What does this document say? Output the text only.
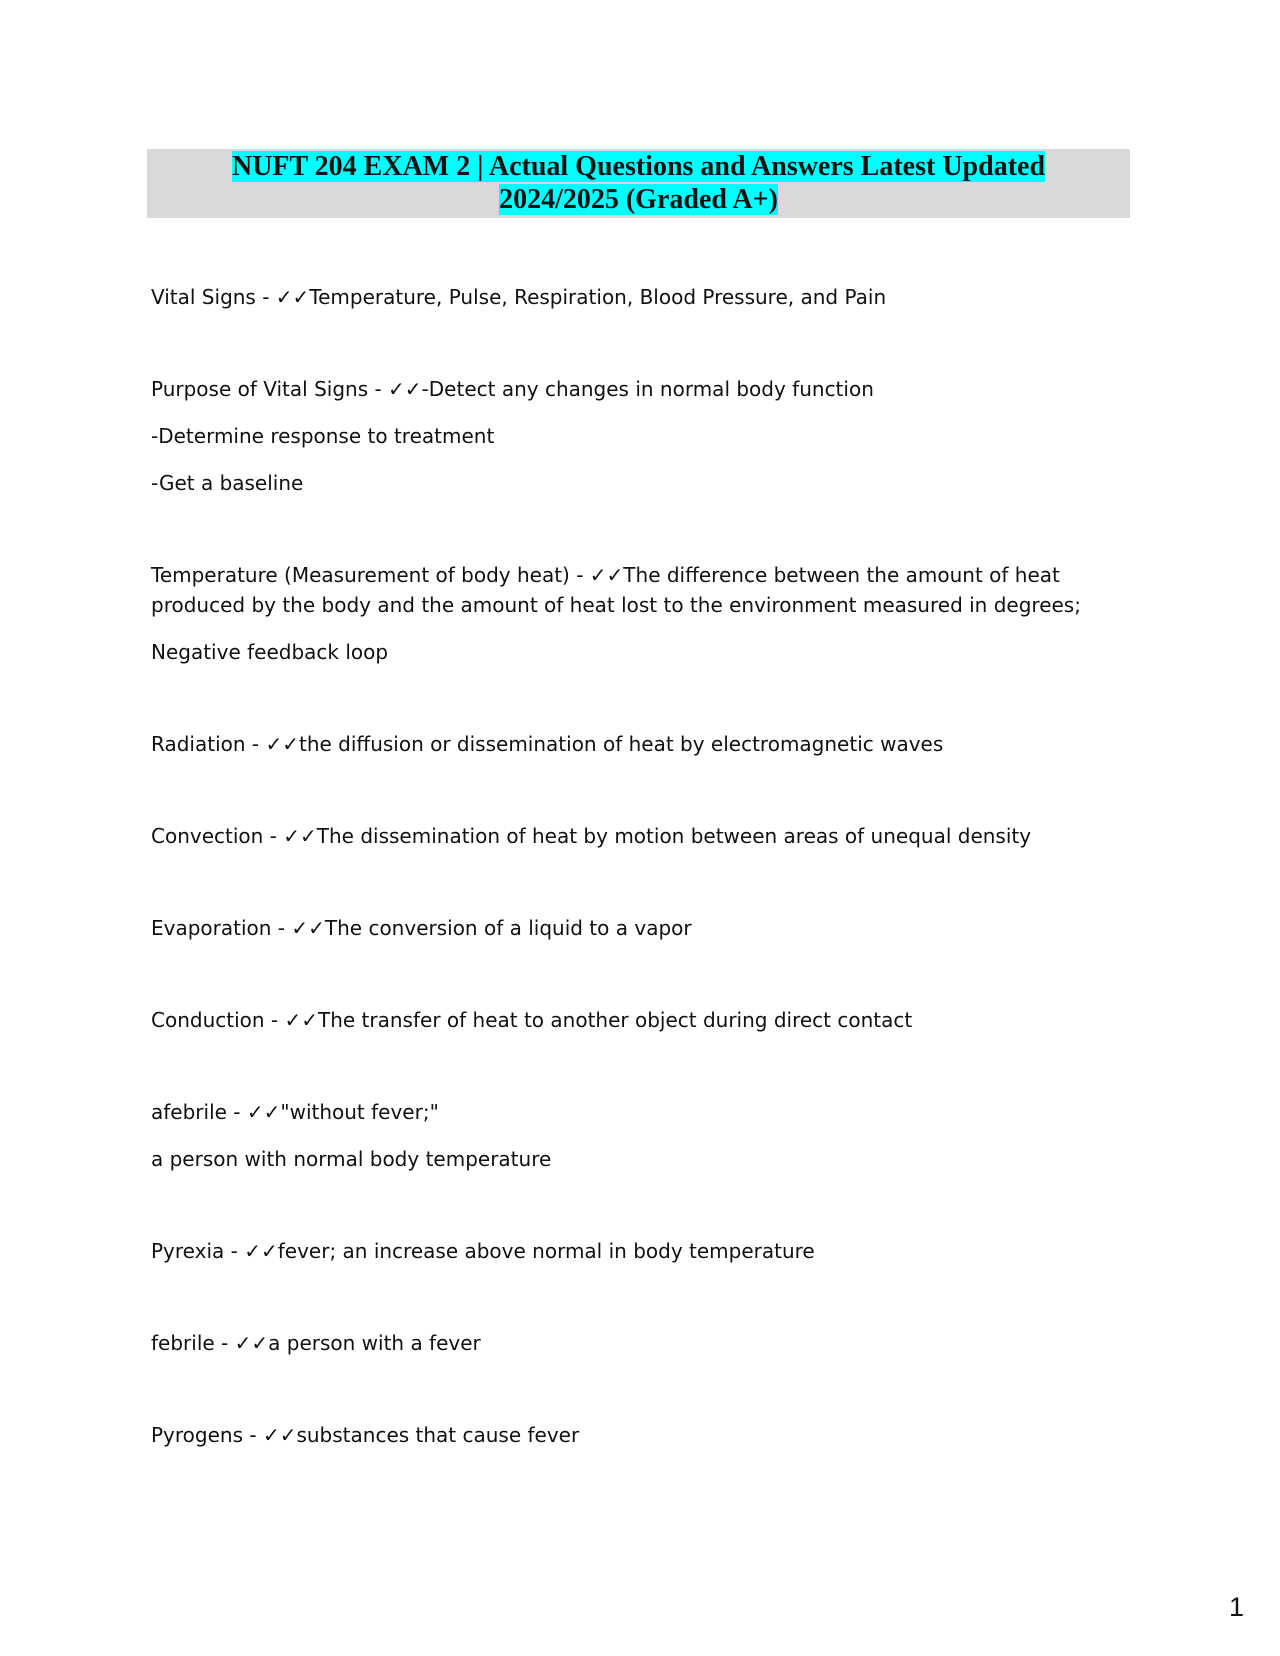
NUFT 204 EXAM 2 | Actual Questions and Answers Latest Updated
2024/2025 (Graded A+)

Vital Signs - ✓✓Temperature, Pulse, Respiration, Blood Pressure, and Pain

Purpose of Vital Signs - ✓✓-Detect any changes in normal body function

-Determine response to treatment

-Get a baseline

Temperature (Measurement of body heat) - ✓✓The difference between the amount of heat produced by the body and the amount of heat lost to the environment measured in degrees;

Negative feedback loop

Radiation - ✓✓the diffusion or dissemination of heat by electromagnetic waves

Convection - ✓✓The dissemination of heat by motion between areas of unequal density

Evaporation - ✓✓The conversion of a liquid to a vapor

Conduction - ✓✓The transfer of heat to another object during direct contact

afebrile - ✓✓"without fever;"

a person with normal body temperature

Pyrexia - ✓✓fever; an increase above normal in body temperature

febrile - ✓✓a person with a fever

Pyrogens - ✓✓substances that cause fever

1
